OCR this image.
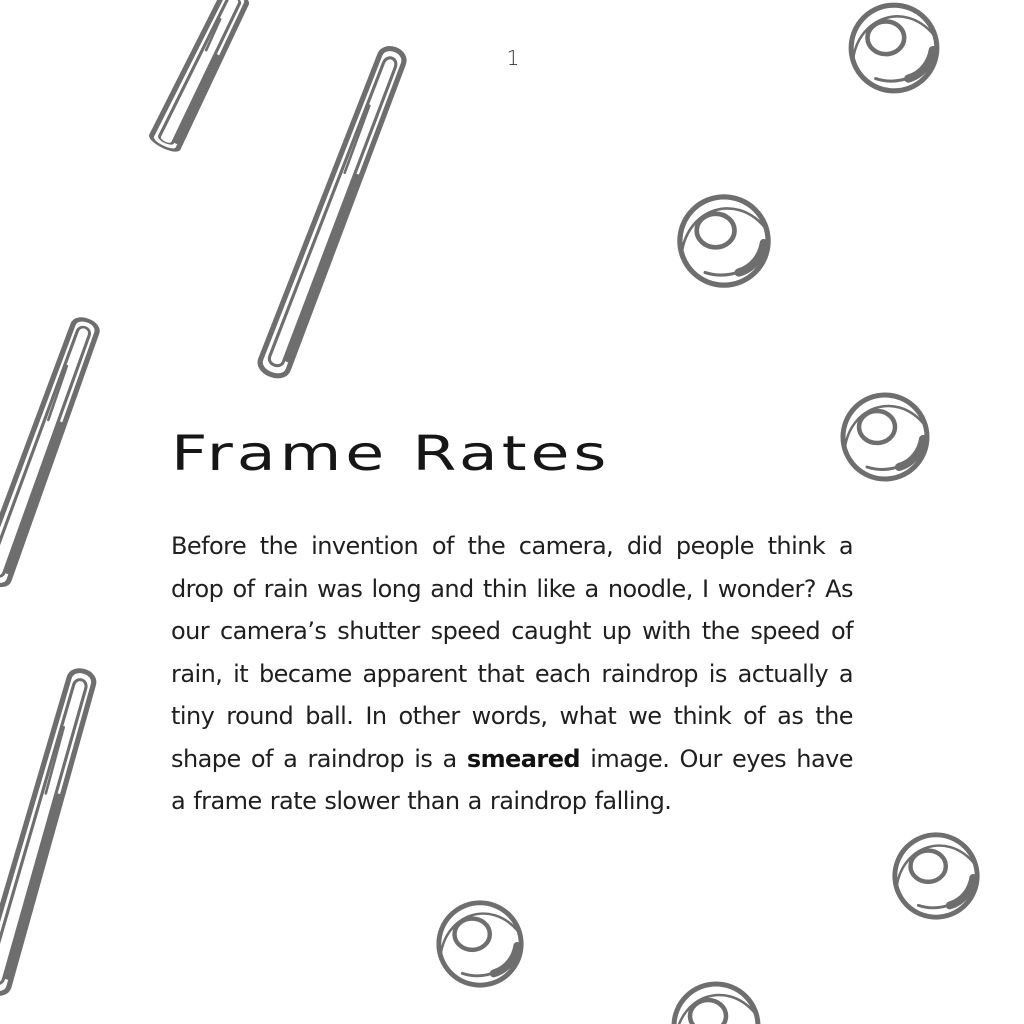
1
Frame Rates

Before the invention of the camera, did people think a drop of rain was long and thin like a noodle, I wonder? As our camera’s shutter speed caught up with the speed of rain, it became apparent that each raindrop is actually a tiny round ball. In other words, what we think of as the shape of a raindrop is a smeared image. Our eyes have a frame rate slower than a raindrop falling.
